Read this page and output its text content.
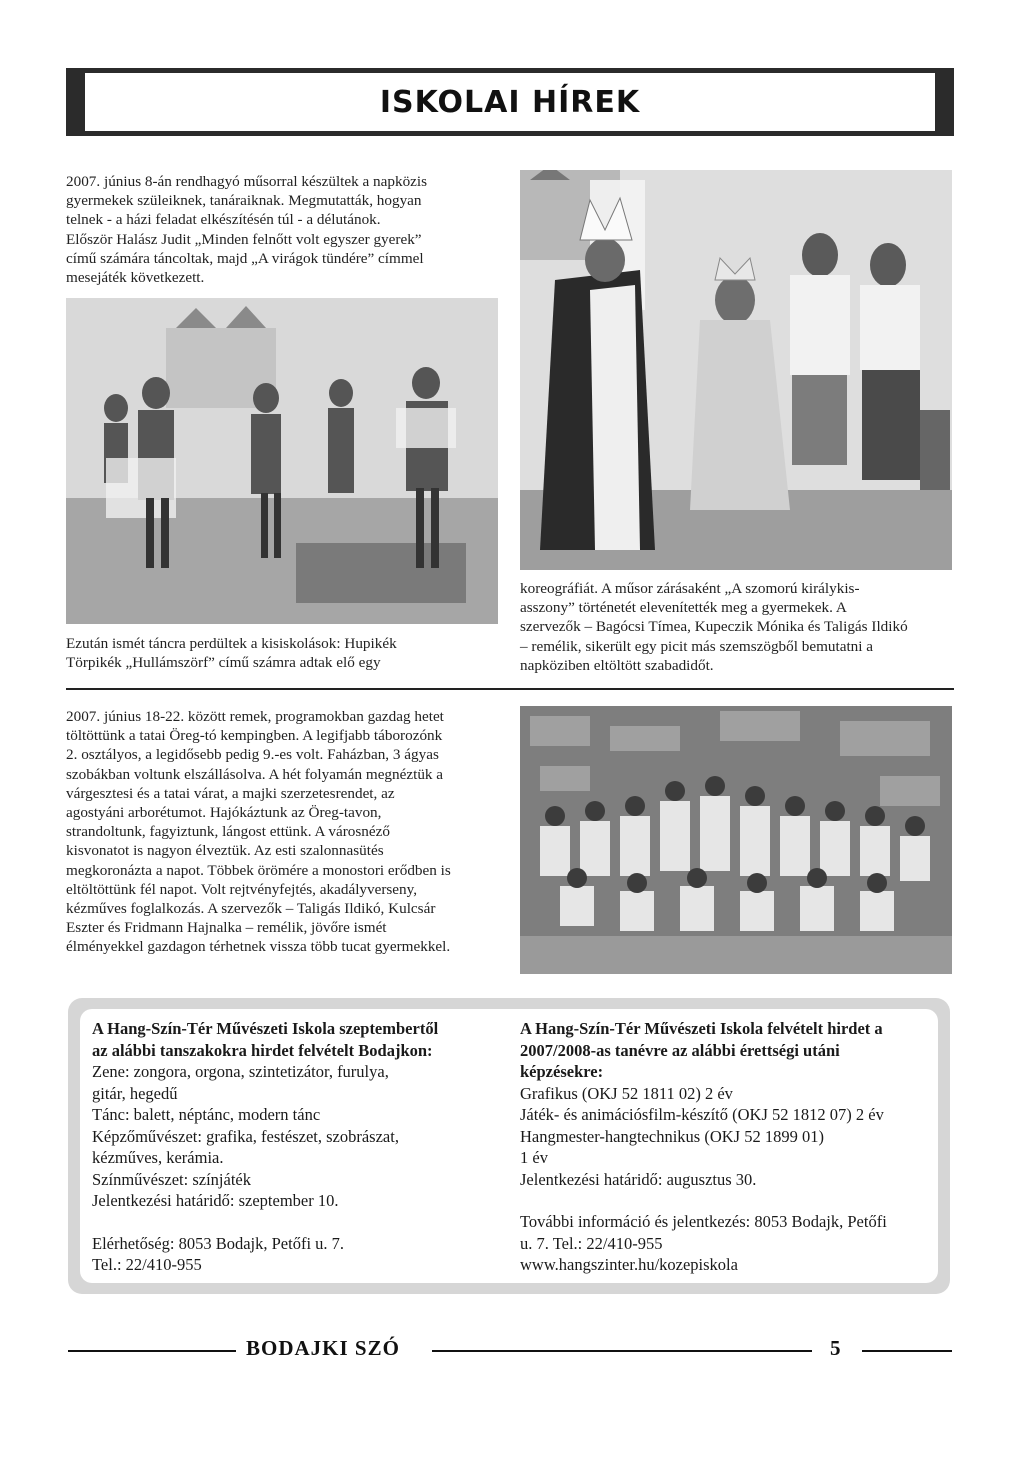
ISKOLAI HÍREK

2007. június 8-án rendhagyó műsorral készültek a napközis

gyermekek szüleiknek, tanáraiknak. Megmutatták, hogyan

telnek - a házi feladat elkészítésén túl - a délutánok.

Először Halász Judit „Minden felnőtt volt egyszer gyerek”

című számára táncoltak, majd „A virágok tündére” címmel

mesejáték következett.

Ezután ismét táncra perdültek a kisiskolások: Hupikék

Törpikék „Hullámszörf” című számra adtak elő egy

koreográfiát. A műsor zárásaként „A szomorú királykis-

asszony” történetét elevenítették meg a gyermekek. A

szervezők – Bagócsi Tímea, Kupeczik Mónika és Taligás Ildikó

– remélik, sikerült egy picit más szemszögből bemutatni a

napköziben eltöltött szabadidőt.

2007. június 18-22. között remek, programokban gazdag hetet

töltöttünk a tatai Öreg-tó kempingben. A legifjabb táborozónk

2. osztályos, a legidősebb pedig 9.-es volt. Faházban, 3 ágyas

szobákban voltunk elszállásolva. A hét folyamán megnéztük a

várgesztesi és a tatai várat, a majki szerzetesrendet, az

agostyáni arborétumot. Hajókáztunk az Öreg-tavon,

strandoltunk, fagyiztunk, lángost ettünk. A városnéző

kisvonatot is nagyon élveztük. Az esti szalonnasütés

megkoronázta a napot. Többek örömére a monostori erődben is

eltöltöttünk fél napot. Volt rejtvényfejtés, akadályverseny,

kézműves foglalkozás. A szervezők – Taligás Ildikó, Kulcsár

Eszter és Fridmann Hajnalka – remélik, jövőre ismét

élményekkel gazdagon térhetnek vissza több tucat gyermekkel.

A Hang-Szín-Tér Művészeti Iskola szeptembertől
az alábbi tanszakokra hirdet felvételt Bodajkon:
Zene: zongora, orgona, szintetizátor, furulya,
gitár, hegedű
Tánc: balett, néptánc, modern tánc
Képzőművészet: grafika, festészet, szobrászat,
kézműves, kerámia.
Színművészet: színjáték
Jelentkezési határidő: szeptember 10.
Elérhetőség: 8053 Bodajk, Petőfi u. 7.
Tel.: 22/410-955
A Hang-Szín-Tér Művészeti Iskola felvételt hirdet a
2007/2008-as tanévre az alábbi érettségi utáni
képzésekre:
Grafikus (OKJ 52 1811 02) 2 év
Játék- és animációsfilm-készítő (OKJ 52 1812 07) 2 év
Hangmester-hangtechnikus (OKJ 52 1899 01)
1 év
Jelentkezési határidő: augusztus 30.
További információ és jelentkezés: 8053 Bodajk, Petőfi
u. 7. Tel.: 22/410-955
www.hangszinter.hu/kozepiskola
BODAJKI SZÓ	5
